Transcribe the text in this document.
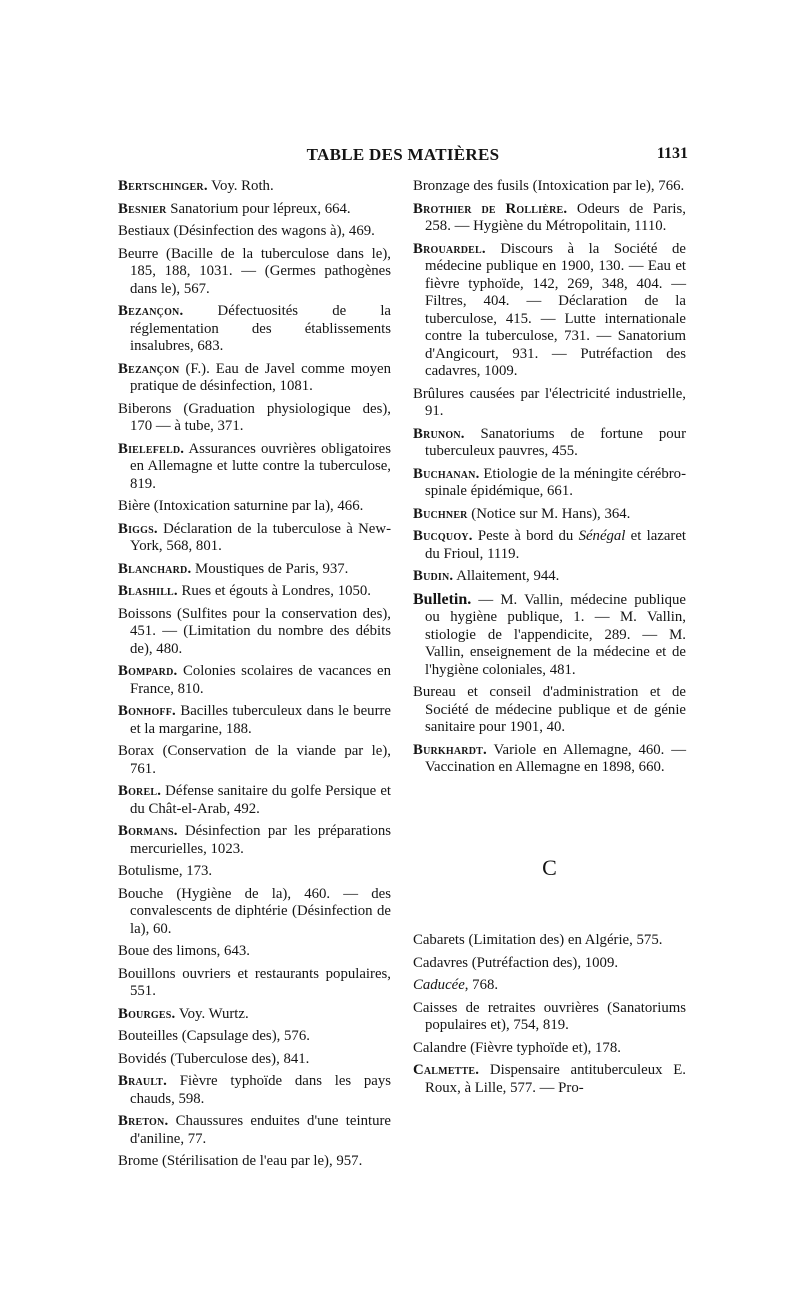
TABLE DES MATIÈRES	1131
Bertschinger. Voy. Roth.
Besnier Sanatorium pour lépreux, 664.
Bestiaux (Désinfection des wagons à), 469.
Beurre (Bacille de la tuberculose dans le), 185, 188, 1031. — (Germes pathogènes dans le), 567.
Bezançon. Défectuosités de la réglementation des établissements insalubres, 683.
Bezançon (F.). Eau de Javel comme moyen pratique de désinfection, 1081.
Biberons (Graduation physiologique des), 170 — à tube, 371.
Bielefeld. Assurances ouvrières obligatoires en Allemagne et lutte contre la tuberculose, 819.
Bière (Intoxication saturnine par la), 466.
Biggs. Déclaration de la tuberculose à New-York, 568, 801.
Blanchard. Moustiques de Paris, 937.
Blashill. Rues et égouts à Londres, 1050.
Boissons (Sulfites pour la conservation des), 451. — (Limitation du nombre des débits de), 480.
Bompard. Colonies scolaires de vacances en France, 810.
Bonhoff. Bacilles tuberculeux dans le beurre et la margarine, 188.
Borax (Conservation de la viande par le), 761.
Borel. Défense sanitaire du golfe Persique et du Chât-el-Arab, 492.
Bormans. Désinfection par les préparations mercurielles, 1023.
Botulisme, 173.
Bouche (Hygiène de la), 460. — des convalescents de diphtérie (Désinfection de la), 60.
Boue des limons, 643.
Bouillons ouvriers et restaurants populaires, 551.
Bourges. Voy. Wurtz.
Bouteilles (Capsulage des), 576.
Bovidés (Tuberculose des), 841.
Brault. Fièvre typhoïde dans les pays chauds, 598.
Breton. Chaussures enduites d'une teinture d'aniline, 77.
Brome (Stérilisation de l'eau par le), 957.
Bronzage des fusils (Intoxication par le), 766.
Brothier de Rollière. Odeurs de Paris, 258. — Hygiène du Métropolitain, 1110.
Brouardel. Discours à la Société de médecine publique en 1900, 130. — Eau et fièvre typhoïde, 142, 269, 348, 404. — Filtres, 404. — Déclaration de la tuberculose, 415. — Lutte internationale contre la tuberculose, 731. — Sanatorium d'Angicourt, 931. — Putréfaction des cadavres, 1009.
Brûlures causées par l'électricité industrielle, 91.
Brunon. Sanatoriums de fortune pour tuberculeux pauvres, 455.
Buchanan. Etiologie de la méningite cérébro-spinale épidémique, 661.
Buchner (Notice sur M. Hans), 364.
Bucquoy. Peste à bord du Sénégal et lazaret du Frioul, 1119.
Budin. Allaitement, 944.
Bulletin. — M. Vallin, médecine publique ou hygiène publique, 1. — M. Vallin, stiologie de l'appendicite, 289. — M. Vallin, enseignement de la médecine et de l'hygiène coloniales, 481.
Bureau et conseil d'administration et de Société de médecine publique et de génie sanitaire pour 1901, 40.
Burkhardt. Variole en Allemagne, 460. — Vaccination en Allemagne en 1898, 660.
C
Cabarets (Limitation des) en Algérie, 575.
Cadavres (Putréfaction des), 1009.
Caducée, 768.
Caisses de retraites ouvrières (Sanatoriums populaires et), 754, 819.
Calandre (Fièvre typhoïde et), 178.
Calmette. Dispensaire antituberculeux E. Roux, à Lille, 577. — Pro-
